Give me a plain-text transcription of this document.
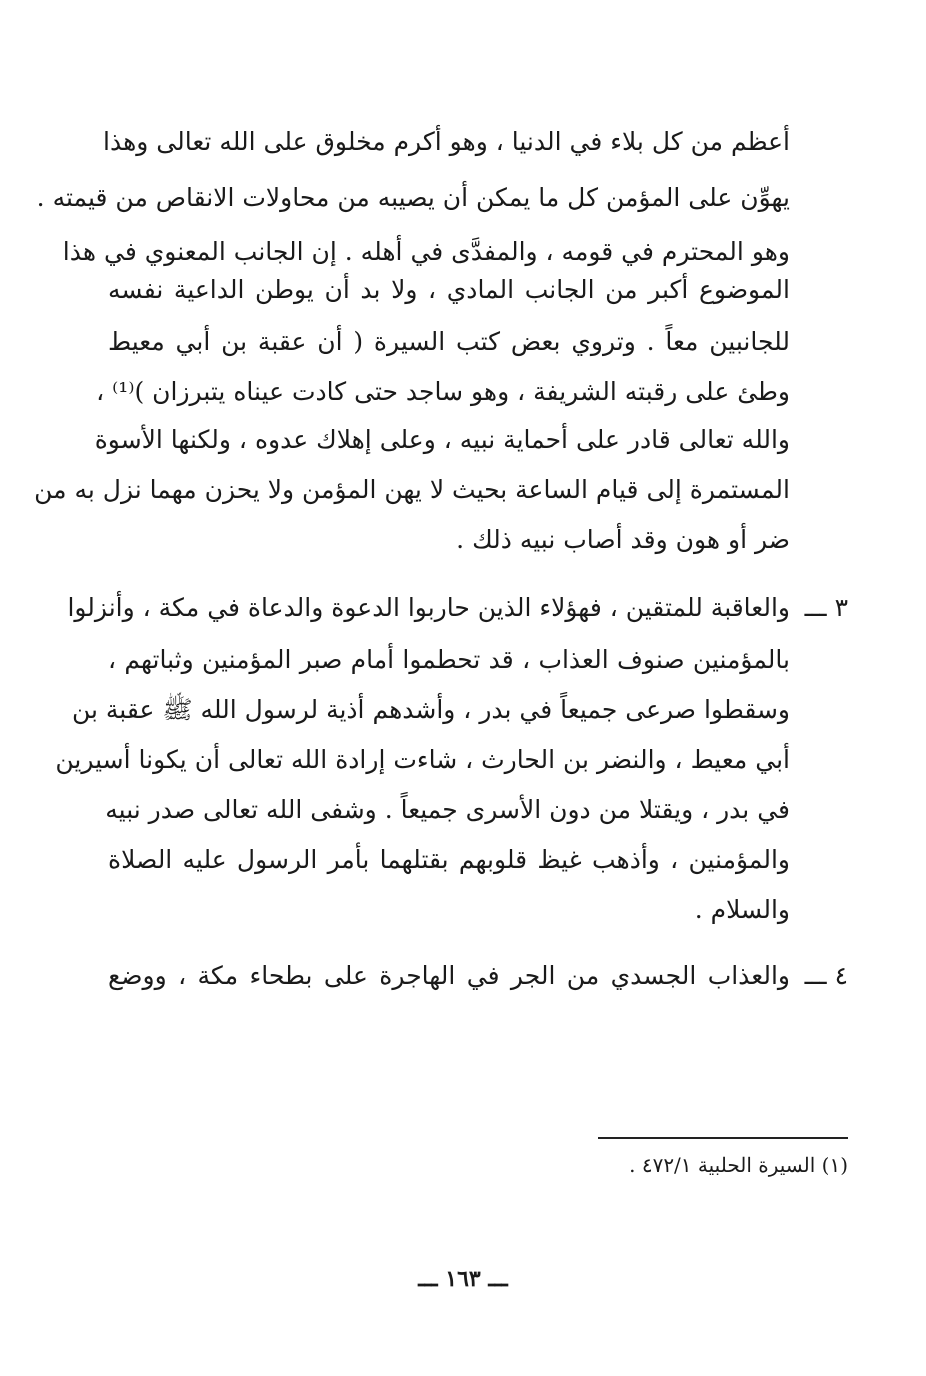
أعظم من كل بلاء في الدنيا ، وهو أكرم مخلوق على الله تعالى وهذا
يهوِّن على المؤمن كل ما يمكن أن يصيبه من محاولات الانقاص من قيمته .
وهو المحترم في قومه ، والمفدَّى في أهله . إن الجانب المعنوي في هذا
الموضوع أكبر من الجانب المادي ، ولا بد أن يوطن الداعية نفسه
للجانبين معاً . وتروي بعض كتب السيرة ( أن عقبة بن أبي معيط
وطئ على رقبته الشريفة ، وهو ساجد حتى كادت عيناه يتبرزان )⁽¹⁾ ،
والله تعالى قادر على أحماية نبيه ، وعلى إهلاك عدوه ، ولكنها الأسوة
المستمرة إلى قيام الساعة بحيث لا يهن المؤمن ولا يحزن مهما نزل به من
ضر أو هون وقد أصاب نبيه ذلك .
٣ ـــ
والعاقبة للمتقين ، فهؤلاء الذين حاربوا الدعوة والدعاة في مكة ، وأنزلوا
بالمؤمنين صنوف العذاب ، قد تحطموا أمام صبر المؤمنين وثباتهم ،
وسقطوا صرعى جميعاً في بدر ، وأشدهم أذية لرسول الله ﷺ عقبة بن
أبي معيط ، والنضر بن الحارث ، شاءت إرادة الله تعالى أن يكونا أسيرين
في بدر ، ويقتلا من دون الأسرى جميعاً . وشفى الله تعالى صدر نبيه
والمؤمنين ، وأذهب غيظ قلوبهم بقتلهما بأمر الرسول عليه الصلاة
والسلام .
٤ ـــ
والعذاب الجسدي من الجر في الهاجرة على بطحاء مكة ، ووضع
(١) السيرة الحلبية ٤٧٢/١ .
ـــ ١٦٣ ـــ
